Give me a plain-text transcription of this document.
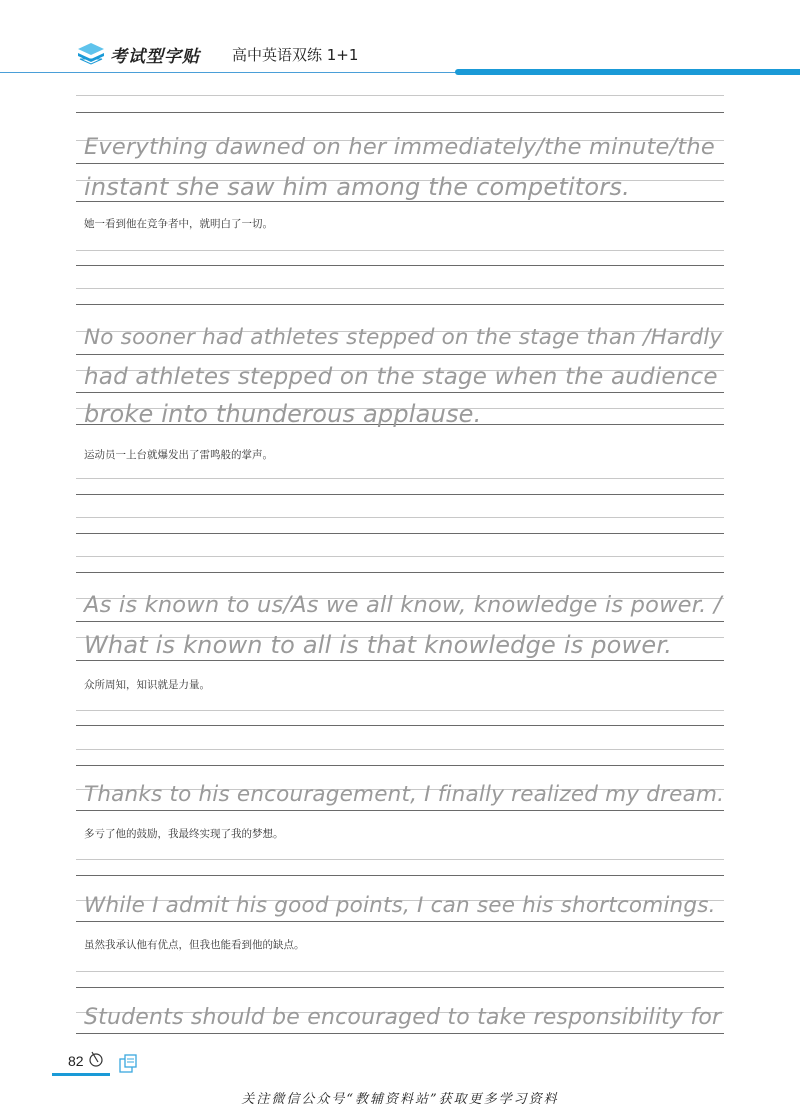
考试型字贴 高中英语双练 1+1
Everything dawned on her immediately/the minute/the
instant she saw him among the competitors.
她一看到他在竞争者中，就明白了一切。
No sooner had athletes stepped on the stage than /Hardly
had athletes stepped on the stage when the audience
broke into thunderous applause.
运动员一上台就爆发出了雷鸣般的掌声。
As is known to us/As we all know, knowledge is power. /
What is known to all is that knowledge is power.
众所周知，知识就是力量。
Thanks to his encouragement, I finally realized my dream.
多亏了他的鼓励，我最终实现了我的梦想。
While I admit his good points, I can see his shortcomings.
虽然我承认他有优点，但我也能看到他的缺点。
Students should be encouraged to take responsibility for
82
关注微信公众号“教辅资料站”获取更多学习资料
